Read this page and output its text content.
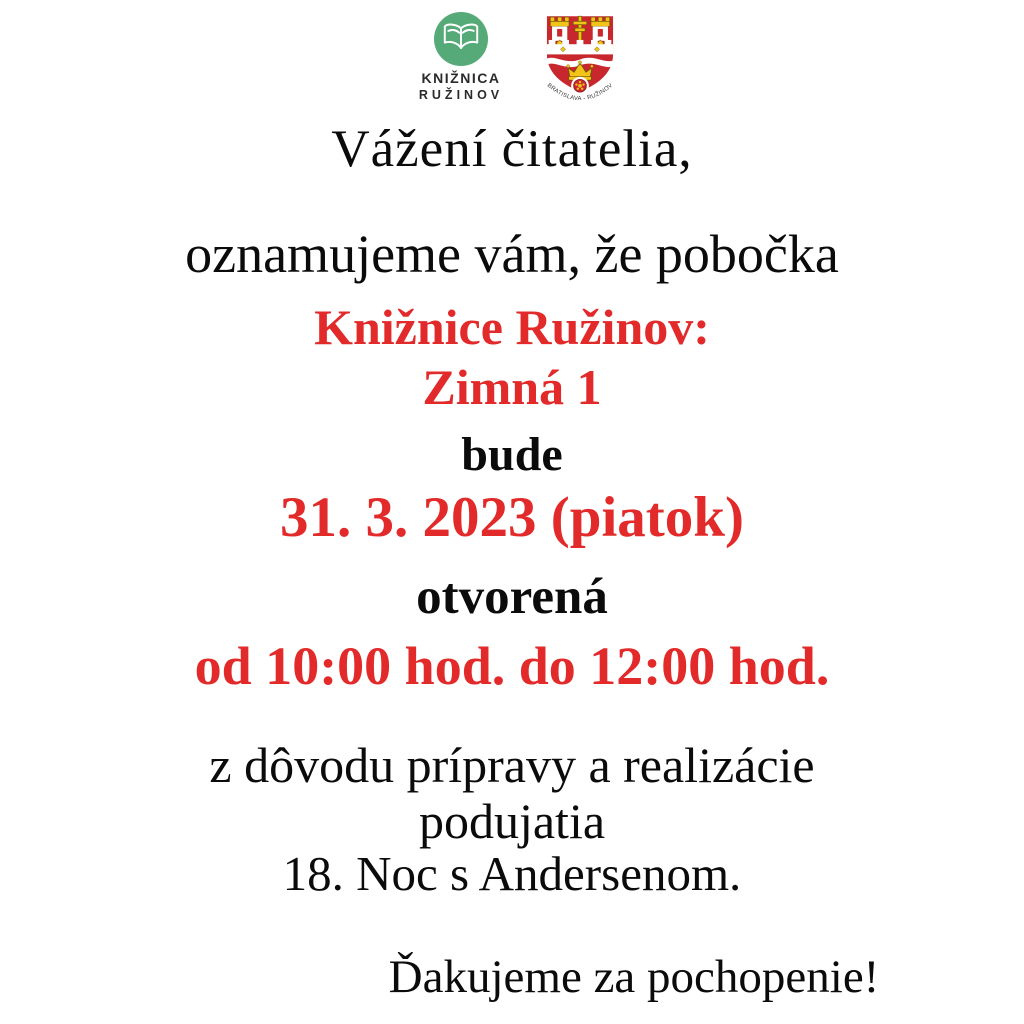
KNIŽNICA
RUŽINOV
BRATISLAVA - RUŽINOV
Vážení čitatelia,
oznamujeme vám, že pobočka
Knižnice Ružinov:
Zimná 1
bude
31. 3. 2023 (piatok)
otvorená
od 10:00 hod. do 12:00 hod.
z dôvodu prípravy a realizácie
podujatia
18. Noc s Andersenom.
Ďakujeme za pochopenie!
